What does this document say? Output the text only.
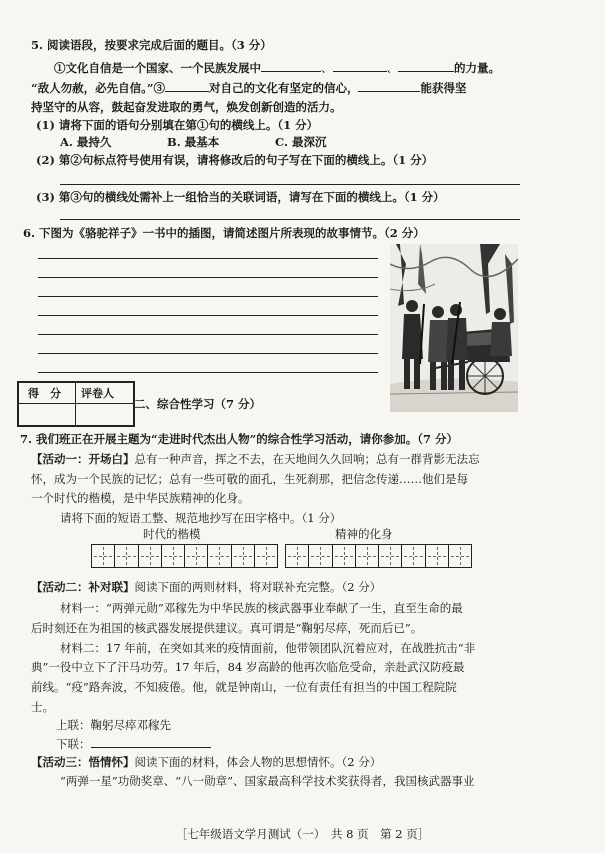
5. 阅读语段，按要求完成后面的题目。（3 分）
①文化自信是一个国家、一个民族发展中	、	、	的力量。
“敌人勿赦，必先自信。”③	对自己的文化有坚定的信心，	能获得坚
持坚守的从容，鼓起奋发进取的勇气，焕发创新创造的活力。
(1) 请将下面的语句分别填在第①句的横线上。（1 分）
A. 最持久	B. 最基本	C. 最深沉
(2) 第②句标点符号使用有误，请将修改后的句子写在下面的横线上。（1 分）
(3) 第③句的横线处需补上一组恰当的关联词语，请写在下面的横线上。（1 分）
6. 下图为《骆驼祥子》一书中的插图，请简述图片所表现的故事情节。（2 分）
得　分 评卷人
二、综合性学习（7 分）
7. 我们班正在开展主题为“走进时代杰出人物”的综合性学习活动，请你参加。（7 分）
【活动一：开场白】总有一种声音，挥之不去，在天地间久久回响；总有一群背影无法忘
怀，成为一个民族的记忆；总有一些可敬的面孔，生死刹那，把信念传递……他们是每
一个时代的楷模，是中华民族精神的化身。
请将下面的短语工整、规范地抄写在田字格中。（1 分）
时代的楷模	精神的化身
【活动二：补对联】阅读下面的两则材料，将对联补充完整。（2 分）
材料一：“两弹元勋”邓稼先为中华民族的核武器事业奉献了一生，直至生命的最
后时刻还在为祖国的核武器发展提供建议。真可谓是“鞠躬尽瘁，死而后已”。
材料二：17 年前，在突如其来的疫情面前，他带领团队沉着应对，在战胜抗击“非
典”一役中立下了汗马功劳。17 年后，84 岁高龄的他再次临危受命，亲赴武汉防疫最
前线。“疫”路奔波，不知疲倦。他，就是钟南山，一位有责任有担当的中国工程院院
士。
上联：鞠躬尽瘁邓稼先
下联：
【活动三：悟情怀】阅读下面的材料，体会人物的思想情怀。（2 分）
“两弹一星”功勋奖章、“八一勋章”、国家最高科学技术奖获得者，我国核武器事业
［七年级语文学月测试（一）　共 8 页　第 2 页］
